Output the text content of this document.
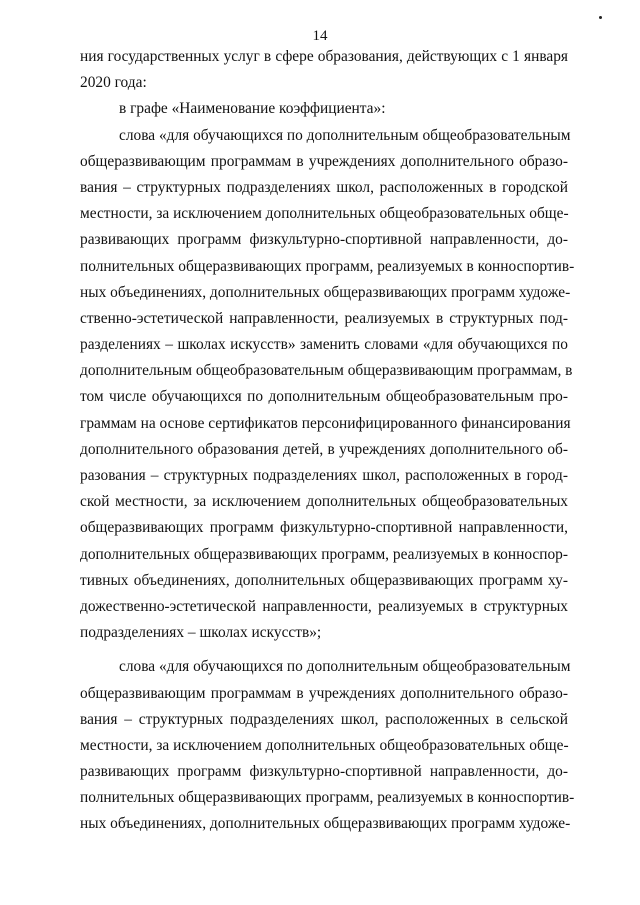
14
ния государственных услуг в сфере образования, действующих с 1 января
2020 года:
в графе «Наименование коэффициента»:
слова «для обучающихся по дополнительным общеобразовательным
общеразвивающим программам в учреждениях дополнительного образо-
вания – структурных подразделениях школ, расположенных в городской
местности, за исключением дополнительных общеобразовательных обще-
развивающих программ физкультурно-спортивной направленности, до-
полнительных общеразвивающих программ, реализуемых в конноспортив-
ных объединениях, дополнительных общеразвивающих программ художе-
ственно-эстетической направленности, реализуемых в структурных под-
разделениях – школах искусств» заменить словами «для обучающихся по
дополнительным общеобразовательным общеразвивающим программам, в
том числе обучающихся по дополнительным общеобразовательным про-
граммам на основе сертификатов персонифицированного финансирования
дополнительного образования детей, в учреждениях дополнительного об-
разования – структурных подразделениях школ, расположенных в город-
ской местности, за исключением дополнительных общеобразовательных
общеразвивающих программ физкультурно-спортивной направленности,
дополнительных общеразвивающих программ, реализуемых в конноспор-
тивных объединениях, дополнительных общеразвивающих программ ху-
дожественно-эстетической направленности, реализуемых в структурных
подразделениях – школах искусств»;
слова «для обучающихся по дополнительным общеобразовательным
общеразвивающим программам в учреждениях дополнительного образо-
вания – структурных подразделениях школ, расположенных в сельской
местности, за исключением дополнительных общеобразовательных обще-
развивающих программ физкультурно-спортивной направленности, до-
полнительных общеразвивающих программ, реализуемых в конноспортив-
ных объединениях, дополнительных общеразвивающих программ художе-
